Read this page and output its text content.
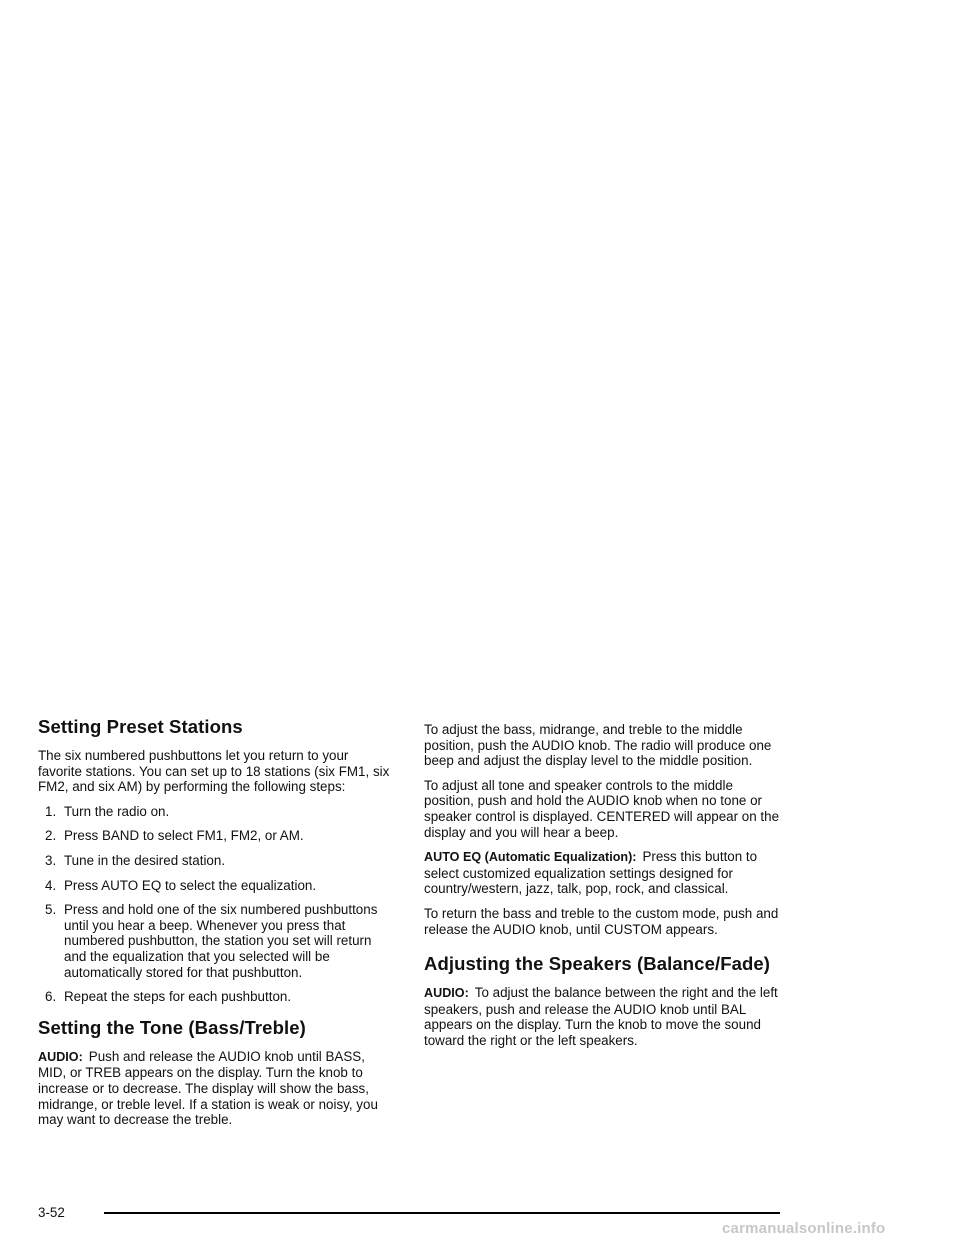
Setting Preset Stations

The six numbered pushbuttons let you return to your favorite stations. You can set up to 18 stations (six FM1, six FM2, and six AM) by performing the following steps:

1. Turn the radio on.
2. Press BAND to select FM1, FM2, or AM.
3. Tune in the desired station.
4. Press AUTO EQ to select the equalization.
5. Press and hold one of the six numbered pushbuttons until you hear a beep. Whenever you press that numbered pushbutton, the station you set will return and the equalization that you selected will be automatically stored for that pushbutton.
6. Repeat the steps for each pushbutton.
Setting the Tone (Bass/Treble)

AUDIO: Push and release the AUDIO knob until BASS, MID, or TREB appears on the display. Turn the knob to increase or to decrease. The display will show the bass, midrange, or treble level. If a station is weak or noisy, you may want to decrease the treble.

To adjust the bass, midrange, and treble to the middle position, push the AUDIO knob. The radio will produce one beep and adjust the display level to the middle position.

To adjust all tone and speaker controls to the middle position, push and hold the AUDIO knob when no tone or speaker control is displayed. CENTERED will appear on the display and you will hear a beep.

AUTO EQ (Automatic Equalization): Press this button to select customized equalization settings designed for country/western, jazz, talk, pop, rock, and classical.

To return the bass and treble to the custom mode, push and release the AUDIO knob, until CUSTOM appears.

Adjusting the Speakers (Balance/Fade)

AUDIO: To adjust the balance between the right and the left speakers, push and release the AUDIO knob until BAL appears on the display. Turn the knob to move the sound toward the right or the left speakers.

3-52
carmanualsonline.info
